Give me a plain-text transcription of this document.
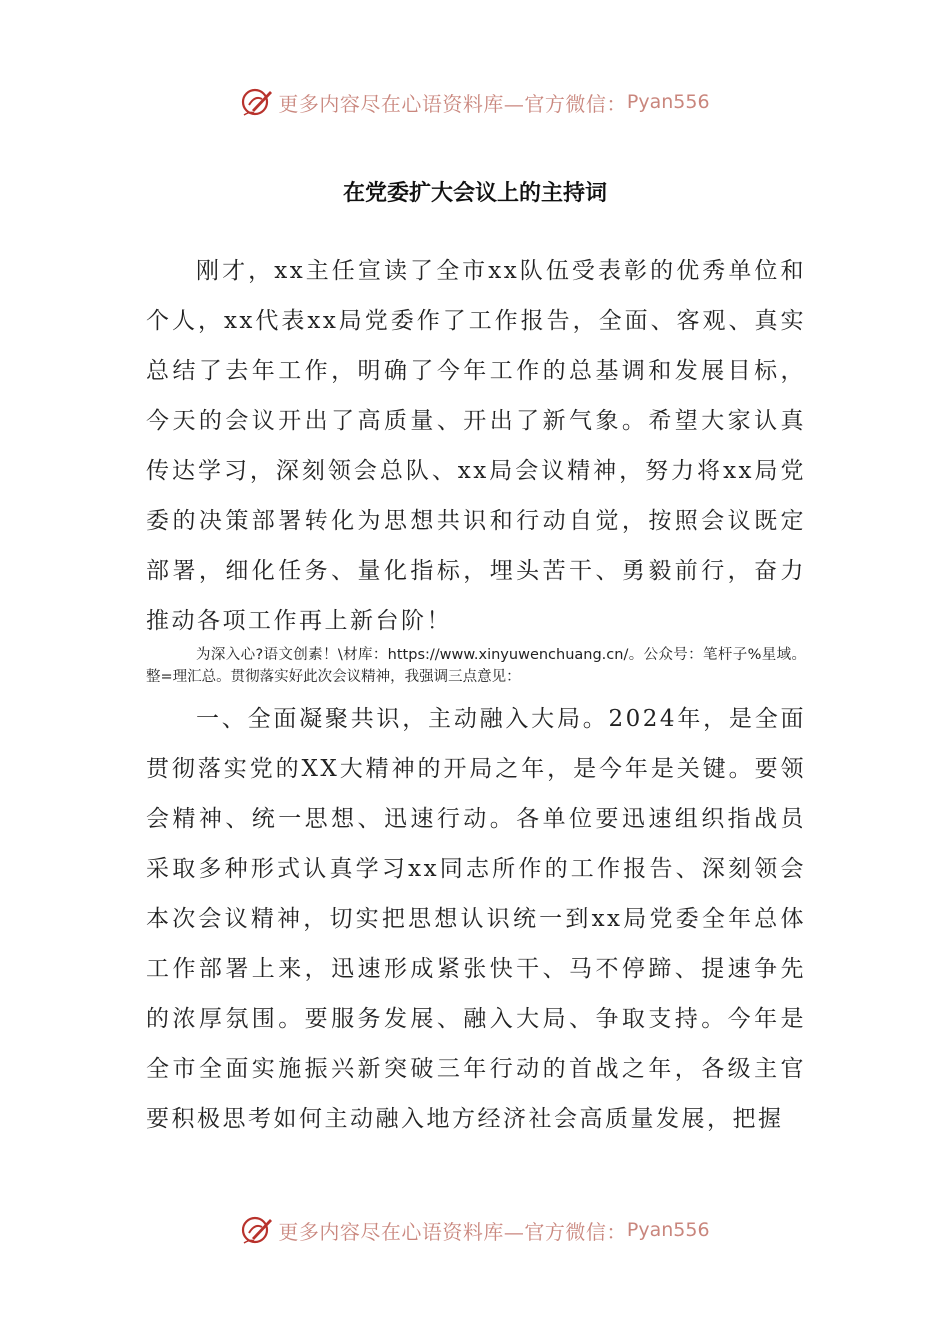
更多内容尽在心语资料库—官方微信： Pyan556
在党委扩大会议上的主持词

刚才，xx主任宣读了全市xx队伍受表彰的优秀单位和个人，xx代表xx局党委作了工作报告，全面、客观、真实总结了去年工作，明确了今年工作的总基调和发展目标，今天的会议开出了高质量、开出了新气象。希望大家认真传达学习，深刻领会总队、xx局会议精神，努力将xx局党委的决策部署转化为思想共识和行动自觉，按照会议既定部署，细化任务、量化指标，埋头苦干、勇毅前行，奋力推动各项工作再上新台阶！

为深入心?语文创素！\材库：https://www.xinyuwenchuang.cn/。公众号：笔杆子%星域。整=理汇总。贯彻落实好此次会议精神，我强调三点意见：

一、全面凝聚共识，主动融入大局。2024年，是全面贯彻落实党的XX大精神的开局之年，是今年是关键。要领会精神、统一思想、迅速行动。各单位要迅速组织指战员采取多种形式认真学习xx同志所作的工作报告、深刻领会本次会议精神，切实把思想认识统一到xx局党委全年总体工作部署上来，迅速形成紧张快干、马不停蹄、提速争先的浓厚氛围。要服务发展、融入大局、争取支持。今年是全市全面实施振兴新突破三年行动的首战之年，各级主官要积极思考如何主动融入地方经济社会高质量发展，把握

更多内容尽在心语资料库—官方微信： Pyan556
